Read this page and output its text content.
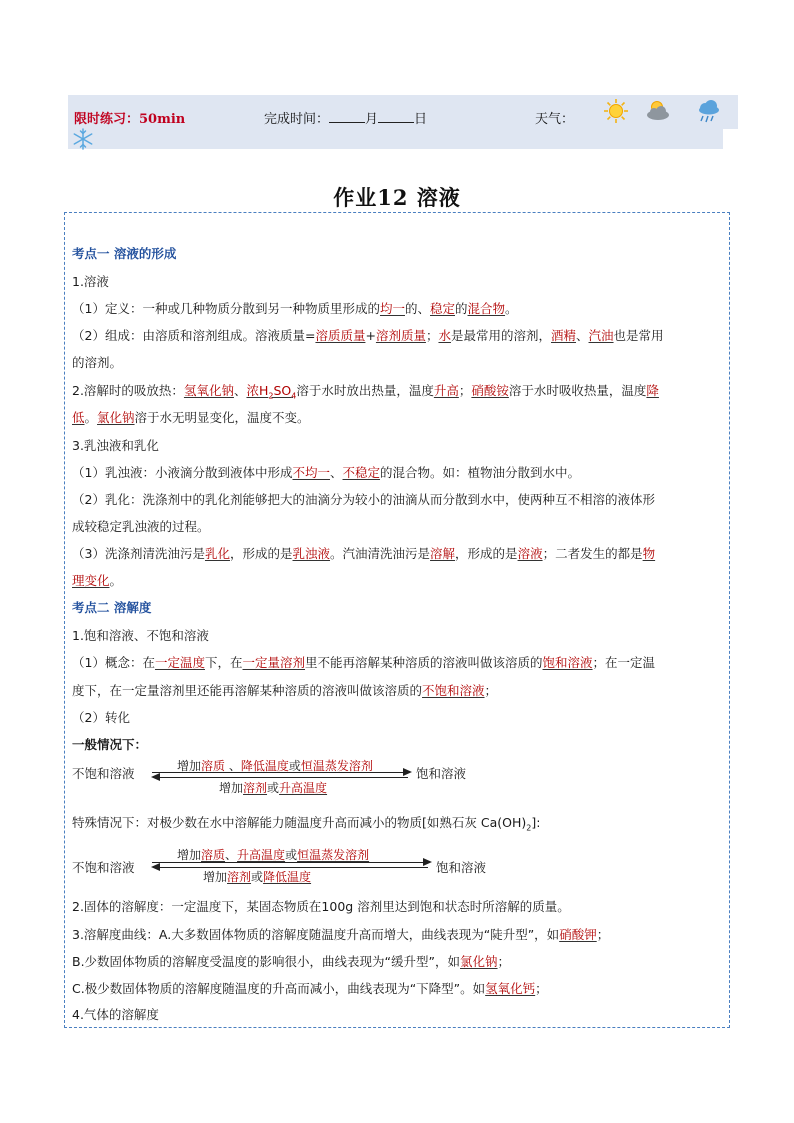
限时练习：50min	完成时间：	月	日	天气：
作业12 溶液
考点一 溶液的形成
1.溶液
（1）定义：一种或几种物质分散到另一种物质里形成的均一的、稳定的混合物。
（2）组成：由溶质和溶剂组成。溶液质量=溶质质量+溶剂质量；水是最常用的溶剂，酒精、汽油也是常用
的溶剂。
2.溶解时的吸放热：氢氧化钠、浓$H_2SO_4$溶于水时放出热量，温度升高；硝酸铵溶于水时吸收热量，温度降
低。氯化钠溶于水无明显变化，温度不变。
3.乳浊液和乳化
（1）乳浊液：小液滴分散到液体中形成不均一、不稳定的混合物。如：植物油分散到水中。
（2）乳化：洗涤剂中的乳化剂能够把大的油滴分为较小的油滴从而分散到水中，使两种互不相溶的液体形
成较稳定乳浊液的过程。
（3）洗涤剂清洗油污是乳化，形成的是乳浊液。汽油清洗油污是溶解，形成的是溶液；二者发生的都是物
理变化。
考点二 溶解度
1.饱和溶液、不饱和溶液
（1）概念：在一定温度下，在一定量溶剂里不能再溶解某种溶质的溶液叫做该溶质的饱和溶液；在一定温
度下，在一定量溶剂里还能再溶解某种溶质的溶液叫做该溶质的不饱和溶液；
（2）转化
一般情况下：
不饱和溶液	增加溶质 、降低温度或恒温蒸发溶剂
增加溶剂或升高温度
饱和溶液
特殊情况下：对极少数在水中溶解能力随温度升高而减小的物质[如熟石灰 $Ca(OH)_2$]:
不饱和溶液
增加溶质、升高温度或恒温蒸发溶剂
增加溶剂或降低温度
饱和溶液
2.固体的溶解度：一定温度下，某固态物质在100g 溶剂里达到饱和状态时所溶解的质量。
3.溶解度曲线：A.大多数固体物质的溶解度随温度升高而增大，曲线表现为“陡升型”，如硝酸钾；
B.少数固体物质的溶解度受温度的影响很小，曲线表现为“缓升型”，如氯化钠；
C.极少数固体物质的溶解度随温度的升高而减小，曲线表现为“下降型”。如氢氧化钙；
4.气体的溶解度
